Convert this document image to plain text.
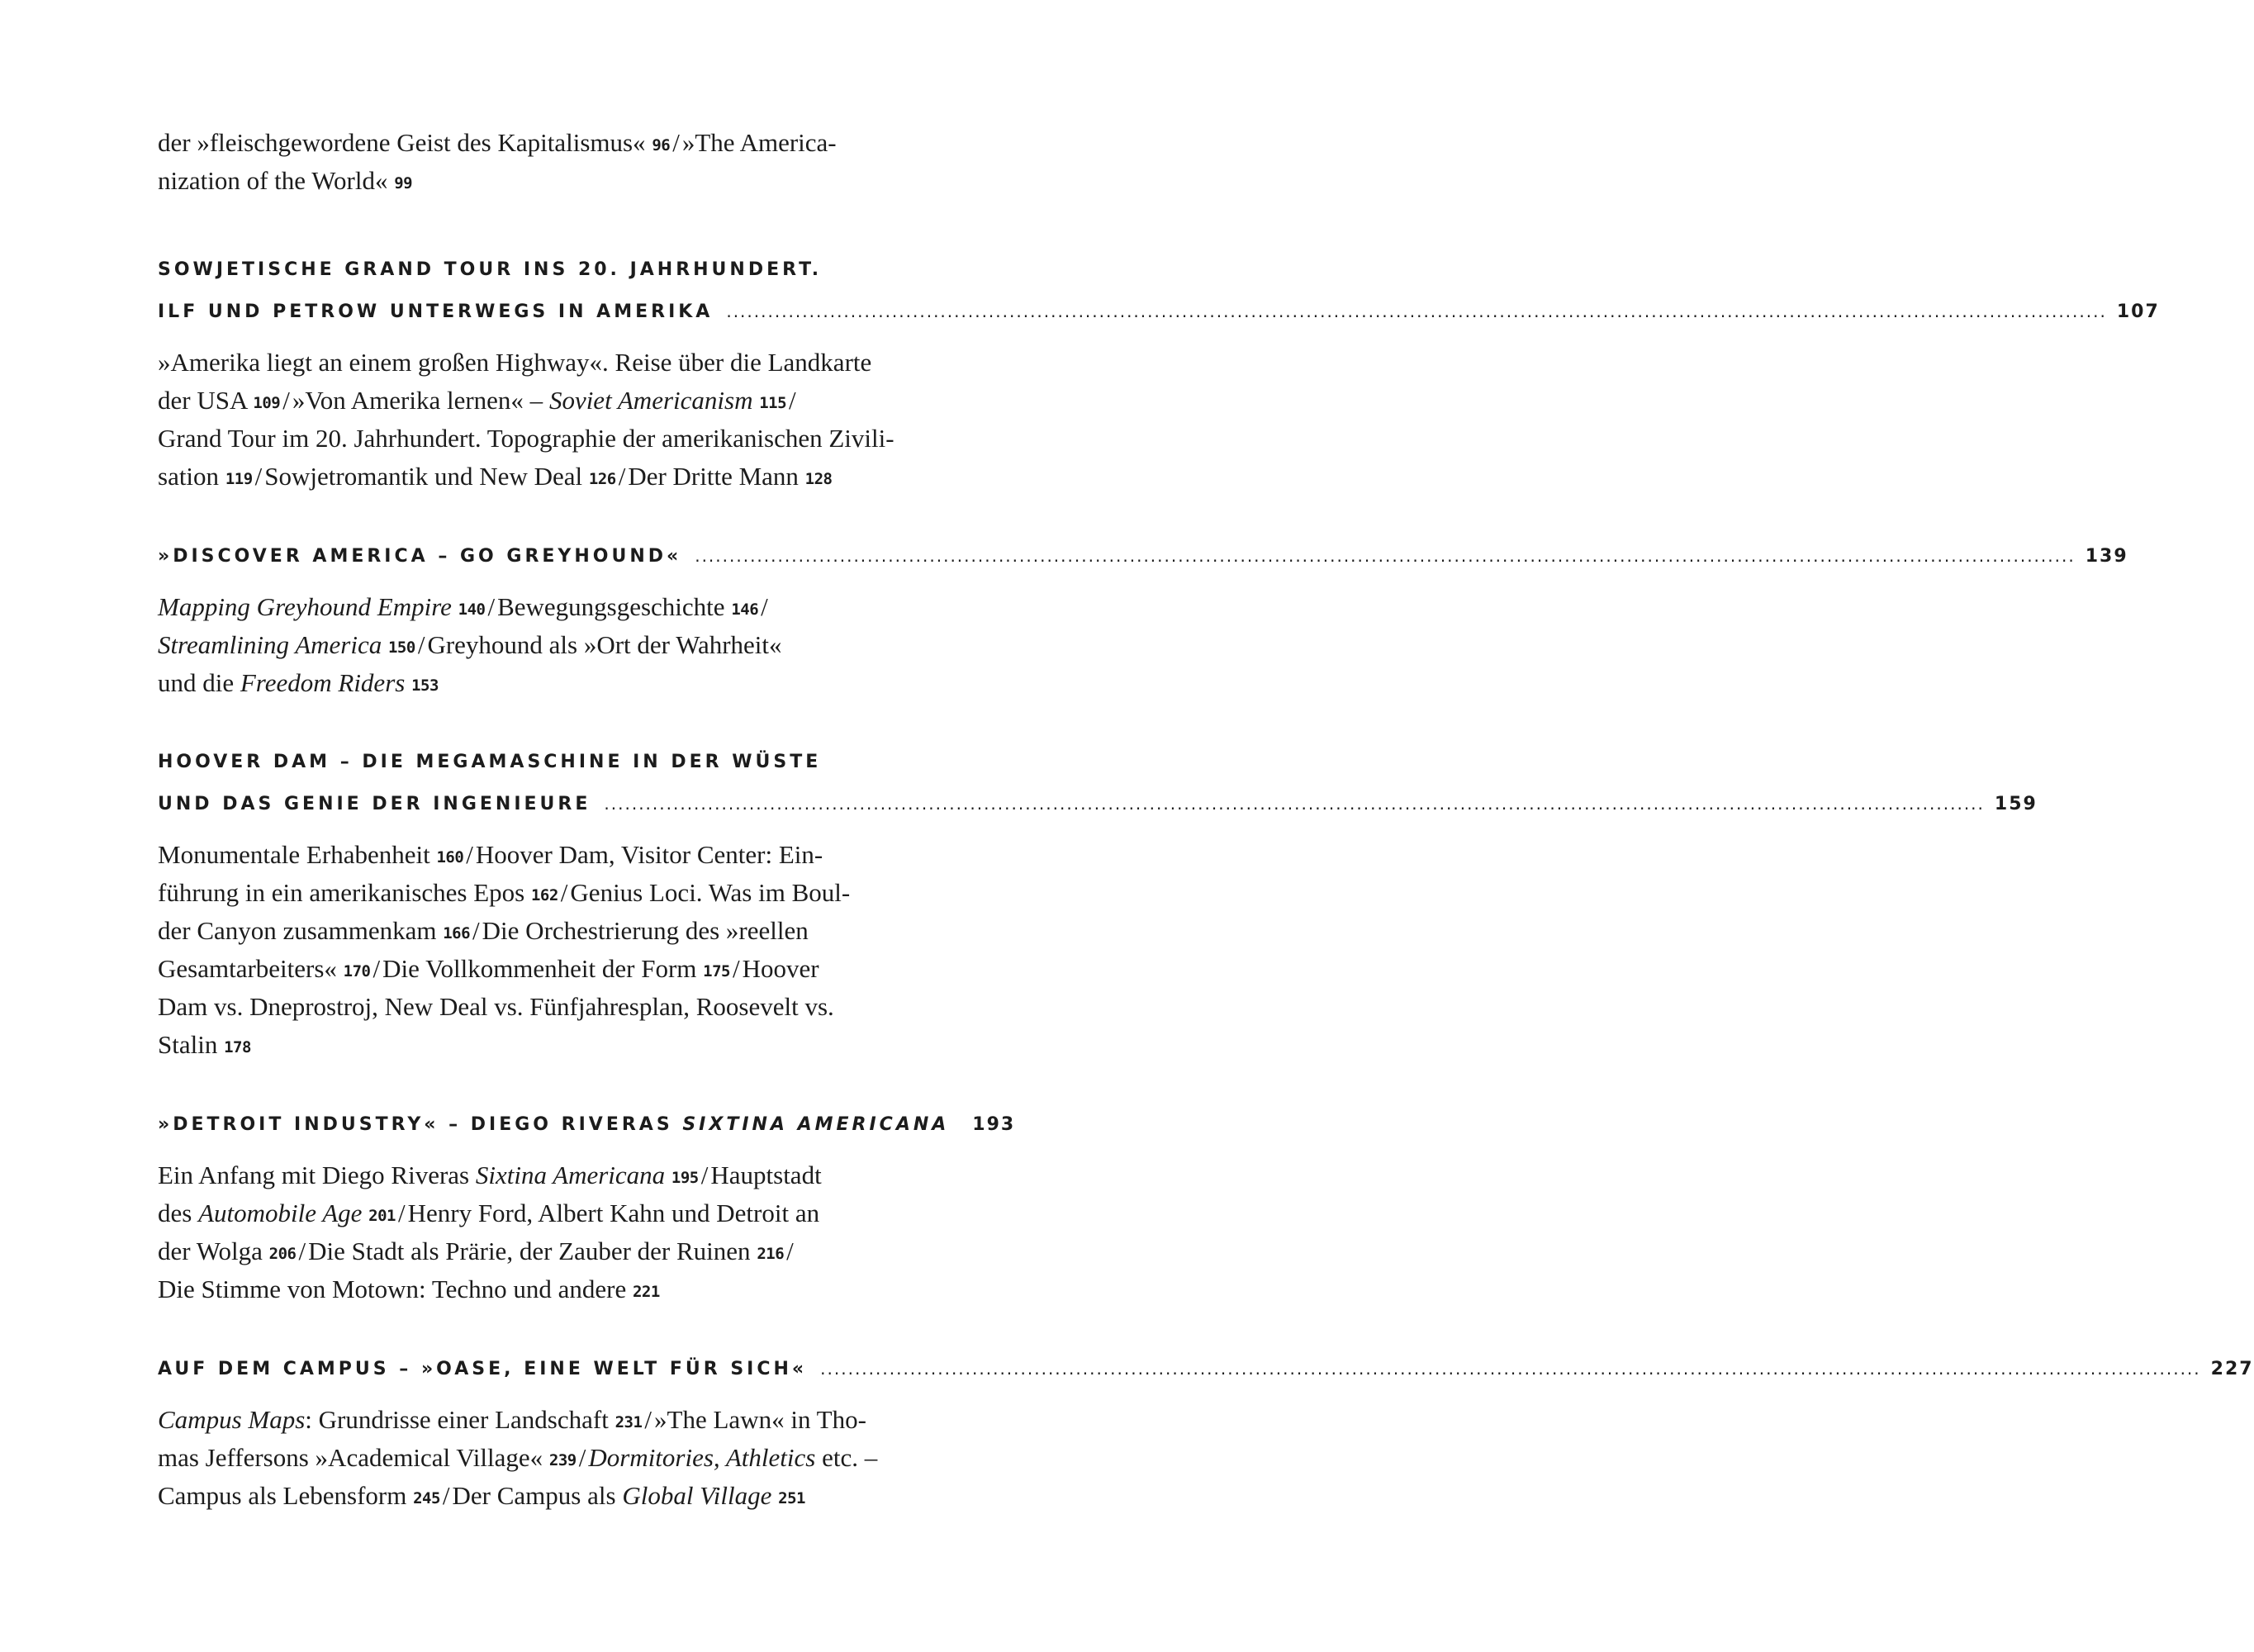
der »fleischgewordene Geist des Kapitalismus« 96/»The America-
nization of the World« 99
SOWJETISCHE GRAND TOUR INS 20. JAHRHUNDERT.
ILF UND PETROW UNTERWEGS IN AMERIKA ........................................................................................................................................................................................................ 107
»Amerika liegt an einem großen Highway«. Reise über die Landkarte
der USA 109/»Von Amerika lernen« – Soviet Americanism 115/
Grand Tour im 20. Jahrhundert. Topographie der amerikanischen Zivili-
sation 119/Sowjetromantik und New Deal 126/Der Dritte Mann 128
»DISCOVER AMERICA – GO GREYHOUND« ........................................................................................................................................................................................................ 139
Mapping Greyhound Empire 140/Bewegungsgeschichte 146/
Streamlining America 150/Greyhound als »Ort der Wahrheit«
und die Freedom Riders 153
HOOVER DAM – DIE MEGAMASCHINE IN DER WÜSTE
UND DAS GENIE DER INGENIEURE ........................................................................................................................................................................................................ 159
Monumentale Erhabenheit 160/Hoover Dam, Visitor Center: Ein-
führung in ein amerikanisches Epos 162/Genius Loci. Was im Boul-
der Canyon zusammenkam 166/Die Orchestrierung des »reellen
Gesamtarbeiters« 170/Die Vollkommenheit der Form 175/Hoover
Dam vs. Dneprostroj, New Deal vs. Fünfjahresplan, Roosevelt vs.
Stalin 178
»DETROIT INDUSTRY« – DIEGO RIVERAS SIXTINA AMERICANA 193
Ein Anfang mit Diego Riveras Sixtina Americana 195/Hauptstadt
des Automobile Age 201/Henry Ford, Albert Kahn und Detroit an
der Wolga 206/Die Stadt als Prärie, der Zauber der Ruinen 216/
Die Stimme von Motown: Techno und andere 221
AUF DEM CAMPUS – »OASE, EINE WELT FÜR SICH« ........................................................................................................................................................................................................ 227
Campus Maps: Grundrisse einer Landschaft 231/»The Lawn« in Tho-
mas Jeffersons »Academical Village« 239/Dormitories, Athletics etc. –
Campus als Lebensform 245/Der Campus als Global Village 251
